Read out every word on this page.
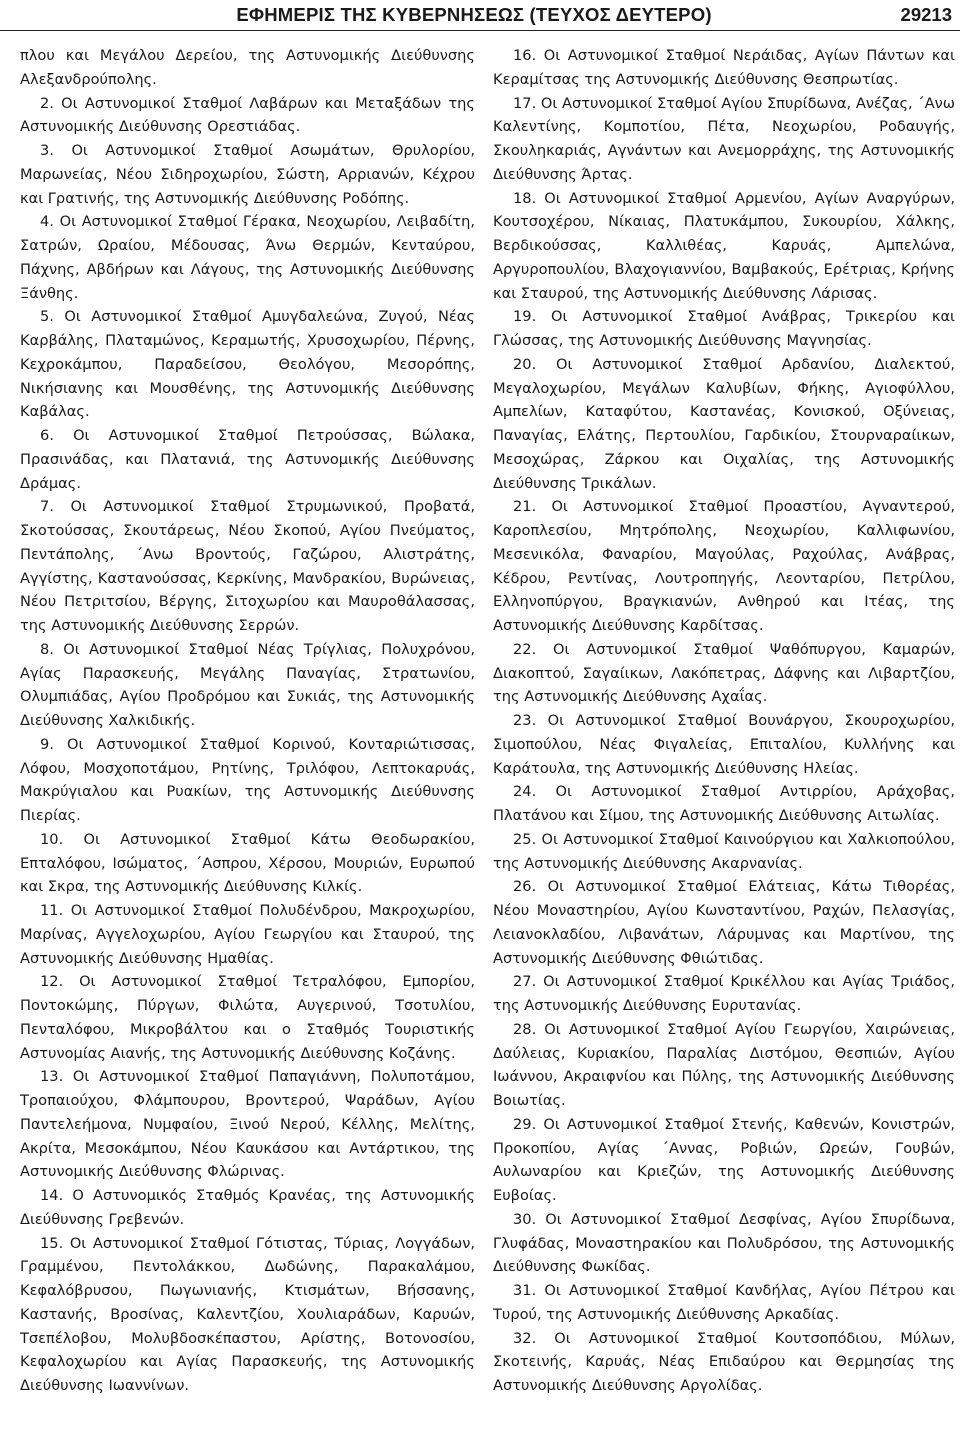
ΕΦΗΜΕΡΙΣ ΤΗΣ ΚΥΒΕΡΝΗΣΕΩΣ (ΤΕΥΧΟΣ ΔΕΥΤΕΡΟ)	29213

πλου και Μεγάλου Δερείου, της Αστυνομικής Διεύθυνσης Αλεξανδρούπολης.

2. Οι Αστυνομικοί Σταθμοί Λαβάρων και Μεταξάδων της Αστυνομικής Διεύθυνσης Ορεστιάδας.

3. Οι Αστυνομικοί Σταθμοί Ασωμάτων, Θρυλορίου, Μαρωνείας, Νέου Σιδηροχωρίου, Σώστη, Αρριανών, Κέχρου και Γρατινής, της Αστυνομικής Διεύθυνσης Ροδόπης.

4. Οι Αστυνομικοί Σταθμοί Γέρακα, Νεοχωρίου, Λειβαδίτη, Σατρών, Ωραίου, Μέδουσας, Άνω Θερμών, Κενταύρου, Πάχνης, Αβδήρων και Λάγους, της Αστυνομικής Διεύθυνσης Ξάνθης.

5. Οι Αστυνομικοί Σταθμοί Αμυγδαλεώνα, Ζυγού, Νέας Καρβάλης, Πλαταμώνος, Κεραμωτής, Χρυσοχωρίου, Πέρνης, Κεχροκάμπου, Παραδείσου, Θεολόγου, Μεσορόπης, Νικήσιανης και Μουσθένης, της Αστυνομικής Διεύθυνσης Καβάλας.

6. Οι Αστυνομικοί Σταθμοί Πετρούσσας, Βώλακα, Πρασινάδας, και Πλατανιά, της Αστυνομικής Διεύθυνσης Δράμας.

7. Οι Αστυνομικοί Σταθμοί Στρυμωνικού, Προβατά, Σκοτούσσας, Σκουτάρεως, Νέου Σκοπού, Αγίου Πνεύματος, Πεντάπολης, ΄Ανω Βροντούς, Γαζώρου, Αλιστράτης, Αγγίστης, Καστανούσσας, Κερκίνης, Μανδρακίου, Βυρώνειας, Νέου Πετριτσίου, Βέργης, Σιτοχωρίου και Μαυροθάλασσας, της Αστυνομικής Διεύθυνσης Σερρών.

8. Οι Αστυνομικοί Σταθμοί Νέας Τρίγλιας, Πολυχρόνου, Αγίας Παρασκευής, Μεγάλης Παναγίας, Στρατωνίου, Ολυμπιάδας, Αγίου Προδρόμου και Συκιάς, της Αστυνομικής Διεύθυνσης Χαλκιδικής.

9. Οι Αστυνομικοί Σταθμοί Κορινού, Κονταριώτισσας, Λόφου, Μοσχοποτάμου, Ρητίνης, Τριλόφου, Λεπτοκαρυάς, Μακρύγιαλου και Ρυακίων, της Αστυνομικής Διεύθυνσης Πιερίας.

10. Οι Αστυνομικοί Σταθμοί Κάτω Θεοδωρακίου, Επταλόφου, Ισώματος, ΄Ασπρου, Χέρσου, Μουριών, Ευρωπού και Σκρα, της Αστυνομικής Διεύθυνσης Κιλκίς.

11. Οι Αστυνομικοί Σταθμοί Πολυδένδρου, Μακροχωρίου, Μαρίνας, Αγγελοχωρίου, Αγίου Γεωργίου και Σταυρού, της Αστυνομικής Διεύθυνσης Ημαθίας.

12. Οι Αστυνομικοί Σταθμοί Τετραλόφου, Εμπορίου, Ποντοκώμης, Πύργων, Φιλώτα, Αυγερινού, Τσοτυλίου, Πενταλόφου, Μικροβάλτου και ο Σταθμός Τουριστικής Αστυνομίας Αιανής, της Αστυνομικής Διεύθυνσης Κοζάνης.

13. Οι Αστυνομικοί Σταθμοί Παπαγιάννη, Πολυποτάμου, Τροπαιούχου, Φλάμπουρου, Βροντερού, Ψαράδων, Αγίου Παντελεήμονα, Νυμφαίου, Ξινού Νερού, Κέλλης, Μελίτης, Ακρίτα, Μεσοκάμπου, Νέου Καυκάσου και Αντάρτικου, της Αστυνομικής Διεύθυνσης Φλώρινας.

14. Ο Αστυνομικός Σταθμός Κρανέας, της Αστυνομικής Διεύθυνσης Γρεβενών.

15. Οι Αστυνομικοί Σταθμοί Γότιστας, Τύριας, Λογγάδων, Γραμμένου, Πεντολάκκου, Δωδώνης, Παρακαλάμου, Κεφαλόβρυσου, Πωγωνιανής, Κτισμάτων, Βήσσανης, Καστανής, Βροσίνας, Καλεντζίου, Χουλιαράδων, Καρυών, Τσεπέλοβου, Μολυβδοσκέπαστου, Αρίστης, Βοτονοσίου, Κεφαλοχωρίου και Αγίας Παρασκευής, της Αστυνομικής Διεύθυνσης Ιωαννίνων.

16. Οι Αστυνομικοί Σταθμοί Νεράιδας, Αγίων Πάντων και Κεραμίτσας της Αστυνομικής Διεύθυνσης Θεσπρωτίας.

17. Οι Αστυνομικοί Σταθμοί Αγίου Σπυρίδωνα, Ανέζας, ΄Ανω Καλεντίνης, Κομποτίου, Πέτα, Νεοχωρίου, Ροδαυγής, Σκουληκαριάς, Αγνάντων και Ανεμορράχης, της Αστυνομικής Διεύθυνσης Άρτας.

18. Οι Αστυνομικοί Σταθμοί Αρμενίου, Αγίων Αναργύρων, Κουτσοχέρου, Νίκαιας, Πλατυκάμπου, Συκουρίου, Χάλκης, Βερδικούσσας, Καλλιθέας, Καρυάς, Αμπελώνα, Αργυροπουλίου, Βλαχογιαννίου, Βαμβακούς, Ερέτριας, Κρήνης και Σταυρού, της Αστυνομικής Διεύθυνσης Λάρισας.

19. Οι Αστυνομικοί Σταθμοί Ανάβρας, Τρικερίου και Γλώσσας, της Αστυνομικής Διεύθυνσης Μαγνησίας.

20. Οι Αστυνομικοί Σταθμοί Αρδανίου, Διαλεκτού, Μεγαλοχωρίου, Μεγάλων Καλυβίων, Φήκης, Αγιοφύλλου, Αμπελίων, Καταφύτου, Καστανέας, Κονισκού, Οξύνειας, Παναγίας, Ελάτης, Περτουλίου, Γαρδικίου, Στουρναραίικων, Μεσοχώρας, Ζάρκου και Οιχαλίας, της Αστυνομικής Διεύθυνσης Τρικάλων.

21. Οι Αστυνομικοί Σταθμοί Προαστίου, Αγναντερού, Καροπλεσίου, Μητρόπολης, Νεοχωρίου, Καλλιφωνίου, Μεσενικόλα, Φαναρίου, Μαγούλας, Ραχούλας, Ανάβρας, Κέδρου, Ρεντίνας, Λουτροπηγής, Λεονταρίου, Πετρίλου, Ελληνοπύργου, Βραγκιανών, Ανθηρού και Ιτέας, της Αστυνομικής Διεύθυνσης Καρδίτσας.

22. Οι Αστυνομικοί Σταθμοί Ψαθόπυργου, Καμαρών, Διακοπτού, Σαγαίικων, Λακόπετρας, Δάφνης και Λιβαρτζίου, της Αστυνομικής Διεύθυνσης Αχαΐας.

23. Οι Αστυνομικοί Σταθμοί Βουνάργου, Σκουροχωρίου, Σιμοπούλου, Νέας Φιγαλείας, Επιταλίου, Κυλλήνης και Καράτουλα, της Αστυνομικής Διεύθυνσης Ηλείας.

24. Οι Αστυνομικοί Σταθμοί Αντιρρίου, Αράχοβας, Πλατάνου και Σίμου, της Αστυνομικής Διεύθυνσης Αιτωλίας.

25. Οι Αστυνομικοί Σταθμοί Καινούργιου και Χαλκιοπούλου, της Αστυνομικής Διεύθυνσης Ακαρνανίας.

26. Οι Αστυνομικοί Σταθμοί Ελάτειας, Κάτω Τιθορέας, Νέου Μοναστηρίου, Αγίου Κωνσταντίνου, Ραχών, Πελασγίας, Λειανοκλαδίου, Λιβανάτων, Λάρυμνας και Μαρτίνου, της Αστυνομικής Διεύθυνσης Φθιώτιδας.

27. Οι Αστυνομικοί Σταθμοί Κρικέλλου και Αγίας Τριάδος, της Αστυνομικής Διεύθυνσης Ευρυτανίας.

28. Οι Αστυνομικοί Σταθμοί Αγίου Γεωργίου, Χαιρώνειας, Δαύλειας, Κυριακίου, Παραλίας Διστόμου, Θεσπιών, Αγίου Ιωάννου, Ακραιφνίου και Πύλης, της Αστυνομικής Διεύθυνσης Βοιωτίας.

29. Οι Αστυνομικοί Σταθμοί Στενής, Καθενών, Κονιστρών, Προκοπίου, Αγίας ΄Αννας, Ροβιών, Ωρεών, Γουβών, Αυλωναρίου και Κριεζών, της Αστυνομικής Διεύθυνσης Ευβοίας.

30. Οι Αστυνομικοί Σταθμοί Δεσφίνας, Αγίου Σπυρίδωνα, Γλυφάδας, Μοναστηρακίου και Πολυδρόσου, της Αστυνομικής Διεύθυνσης Φωκίδας.

31. Οι Αστυνομικοί Σταθμοί Κανδήλας, Αγίου Πέτρου και Τυρού, της Αστυνομικής Διεύθυνσης Αρκαδίας.

32. Οι Αστυνομικοί Σταθμοί Κουτσοπόδιου, Μύλων, Σκοτεινής, Καρυάς, Νέας Επιδαύρου και Θερμησίας της Αστυνομικής Διεύθυνσης Αργολίδας.
